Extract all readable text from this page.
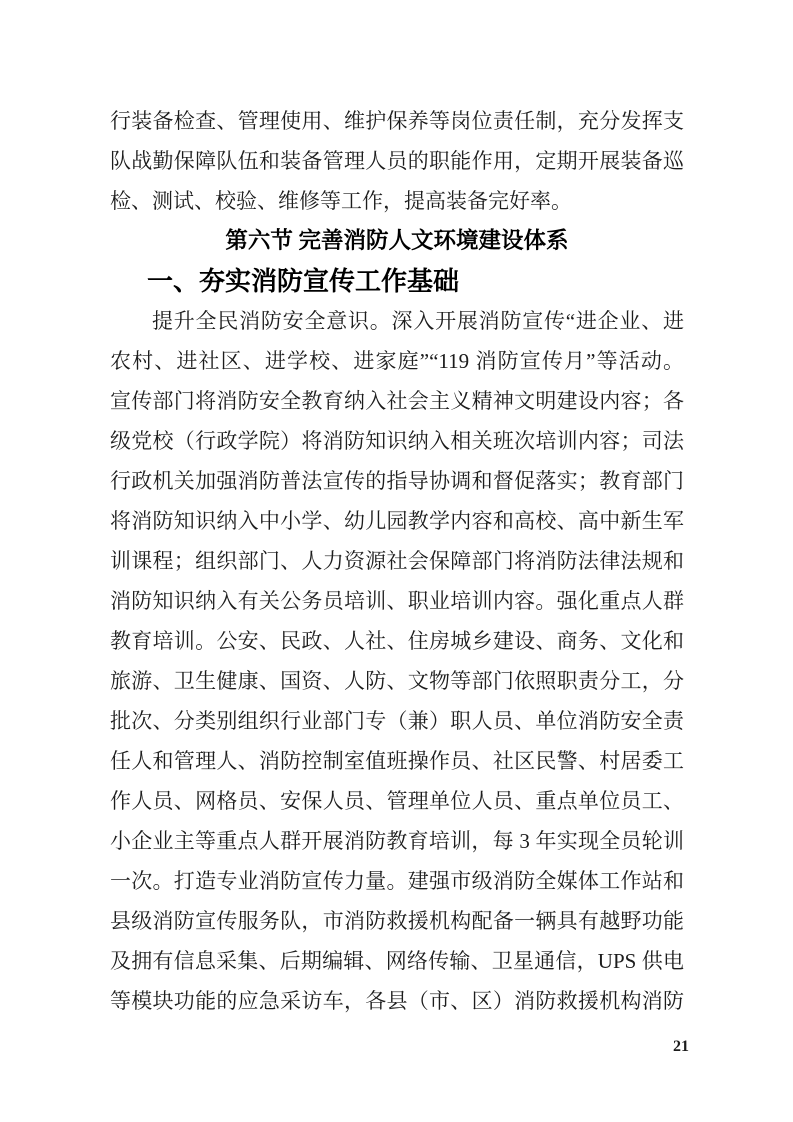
行装备检查、管理使用、维护保养等岗位责任制，充分发挥支
队战勤保障队伍和装备管理人员的职能作用，定期开展装备巡
检、测试、校验、维修等工作，提高装备完好率。
第六节 完善消防人文环境建设体系
一、夯实消防宣传工作基础
提升全民消防安全意识。深入开展消防宣传“进企业、进
农村、进社区、进学校、进家庭”“119 消防宣传月”等活动。
宣传部门将消防安全教育纳入社会主义精神文明建设内容；各
级党校（行政学院）将消防知识纳入相关班次培训内容；司法
行政机关加强消防普法宣传的指导协调和督促落实；教育部门
将消防知识纳入中小学、幼儿园教学内容和高校、高中新生军
训课程；组织部门、人力资源社会保障部门将消防法律法规和
消防知识纳入有关公务员培训、职业培训内容。强化重点人群
教育培训。公安、民政、人社、住房城乡建设、商务、文化和
旅游、卫生健康、国资、人防、文物等部门依照职责分工，分
批次、分类别组织行业部门专（兼）职人员、单位消防安全责
任人和管理人、消防控制室值班操作员、社区民警、村居委工
作人员、网格员、安保人员、管理单位人员、重点单位员工、
小企业主等重点人群开展消防教育培训，每 3 年实现全员轮训
一次。打造专业消防宣传力量。建强市级消防全媒体工作站和
县级消防宣传服务队，市消防救援机构配备一辆具有越野功能
及拥有信息采集、后期编辑、网络传输、卫星通信，UPS 供电
等模块功能的应急采访车，各县（市、区）消防救援机构消防
21
